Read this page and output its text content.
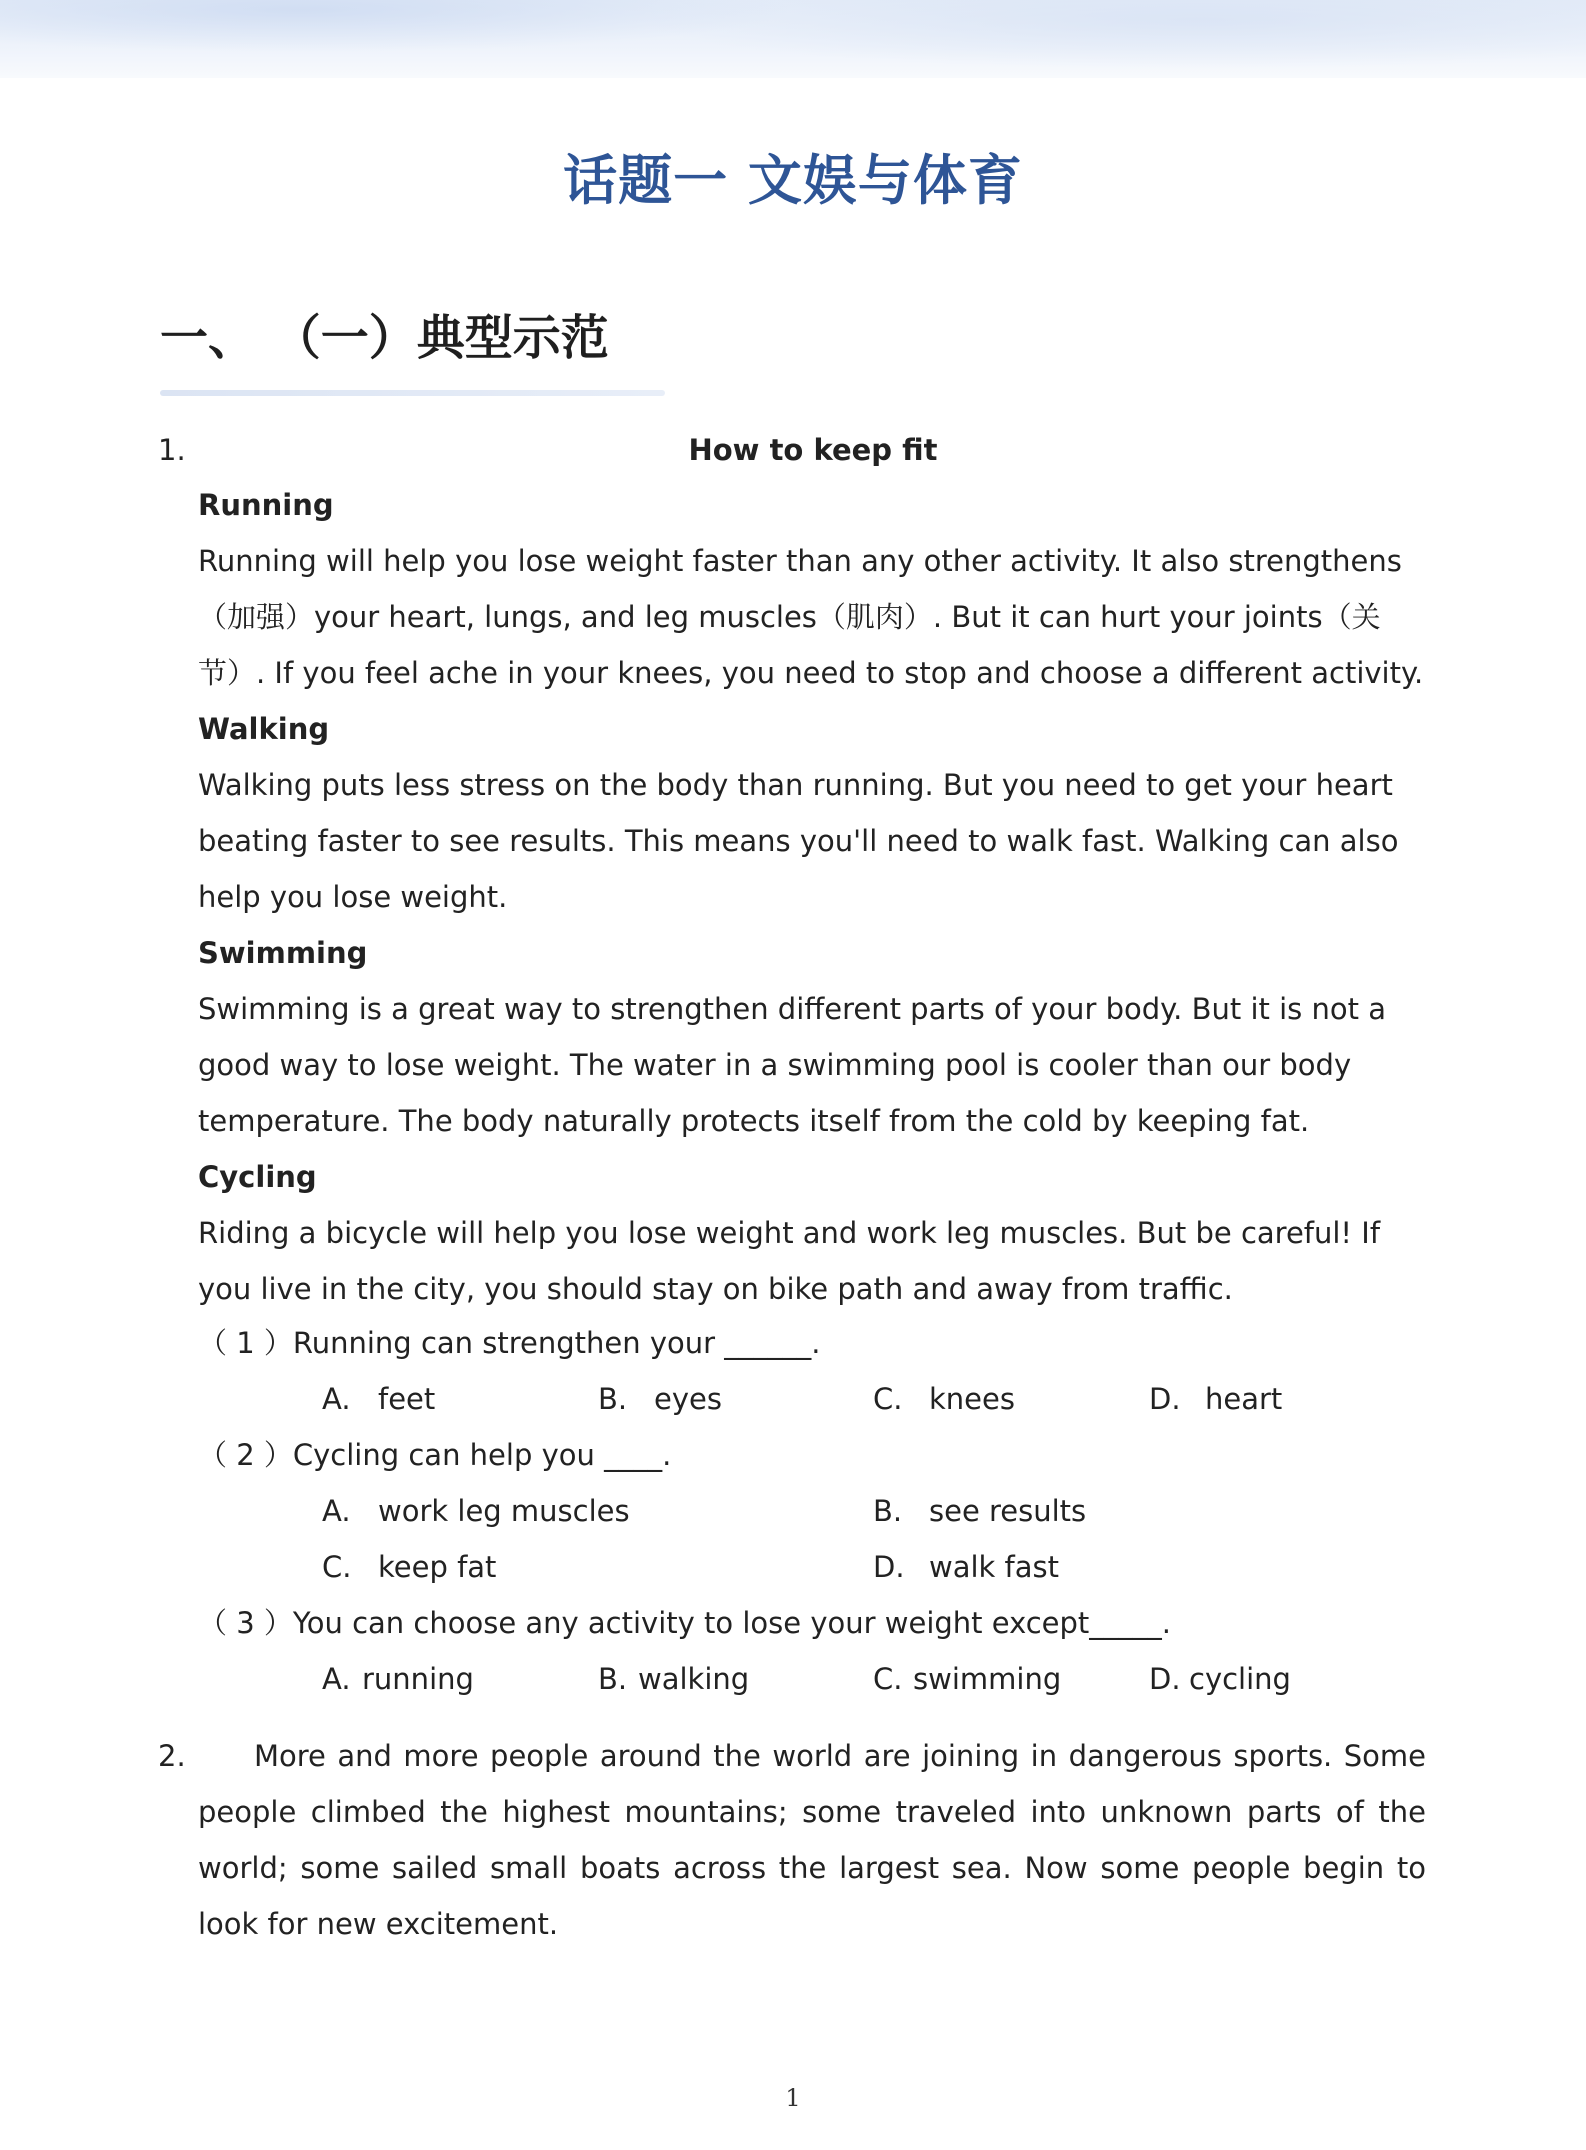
话题一 文娱与体育
一、 （一）典型示范
1.	How to keep fit
Running

Running will help you lose weight faster than any other activity. It also strengthens（加强）your heart, lungs, and leg muscles（肌肉）. But it can hurt your joints（关节）. If you feel ache in your knees, you need to stop and choose a different activity.

Walking

Walking puts less stress on the body than running. But you need to get your heart beating faster to see results. This means you'll need to walk fast. Walking can also help you lose weight.

Swimming

Swimming is a great way to strengthen different parts of your body. But it is not a good way to lose weight. The water in a swimming pool is cooler than our body temperature. The body naturally protects itself from the cold by keeping fat.

Cycling

Riding a bicycle will help you lose weight and work leg muscles. But be careful! If you live in the city, you should stay on bike path and away from traffic.

（ 1 ）Running can strengthen your ______.
A. feet	B. eyes	C. knees	D. heart
（ 2 ）Cycling can help you ____.
A. work leg muscles	B. see results
C. keep fat	D. walk fast
（ 3 ）You can choose any activity to lose your weight except_____.
A. running	B. walking	C. swimming	D. cycling
2.	More and more people around the world are joining in dangerous sports. Some people climbed the highest mountains; some traveled into unknown parts of the world; some sailed small boats across the largest sea. Now some people begin to look for new excitement.
1
